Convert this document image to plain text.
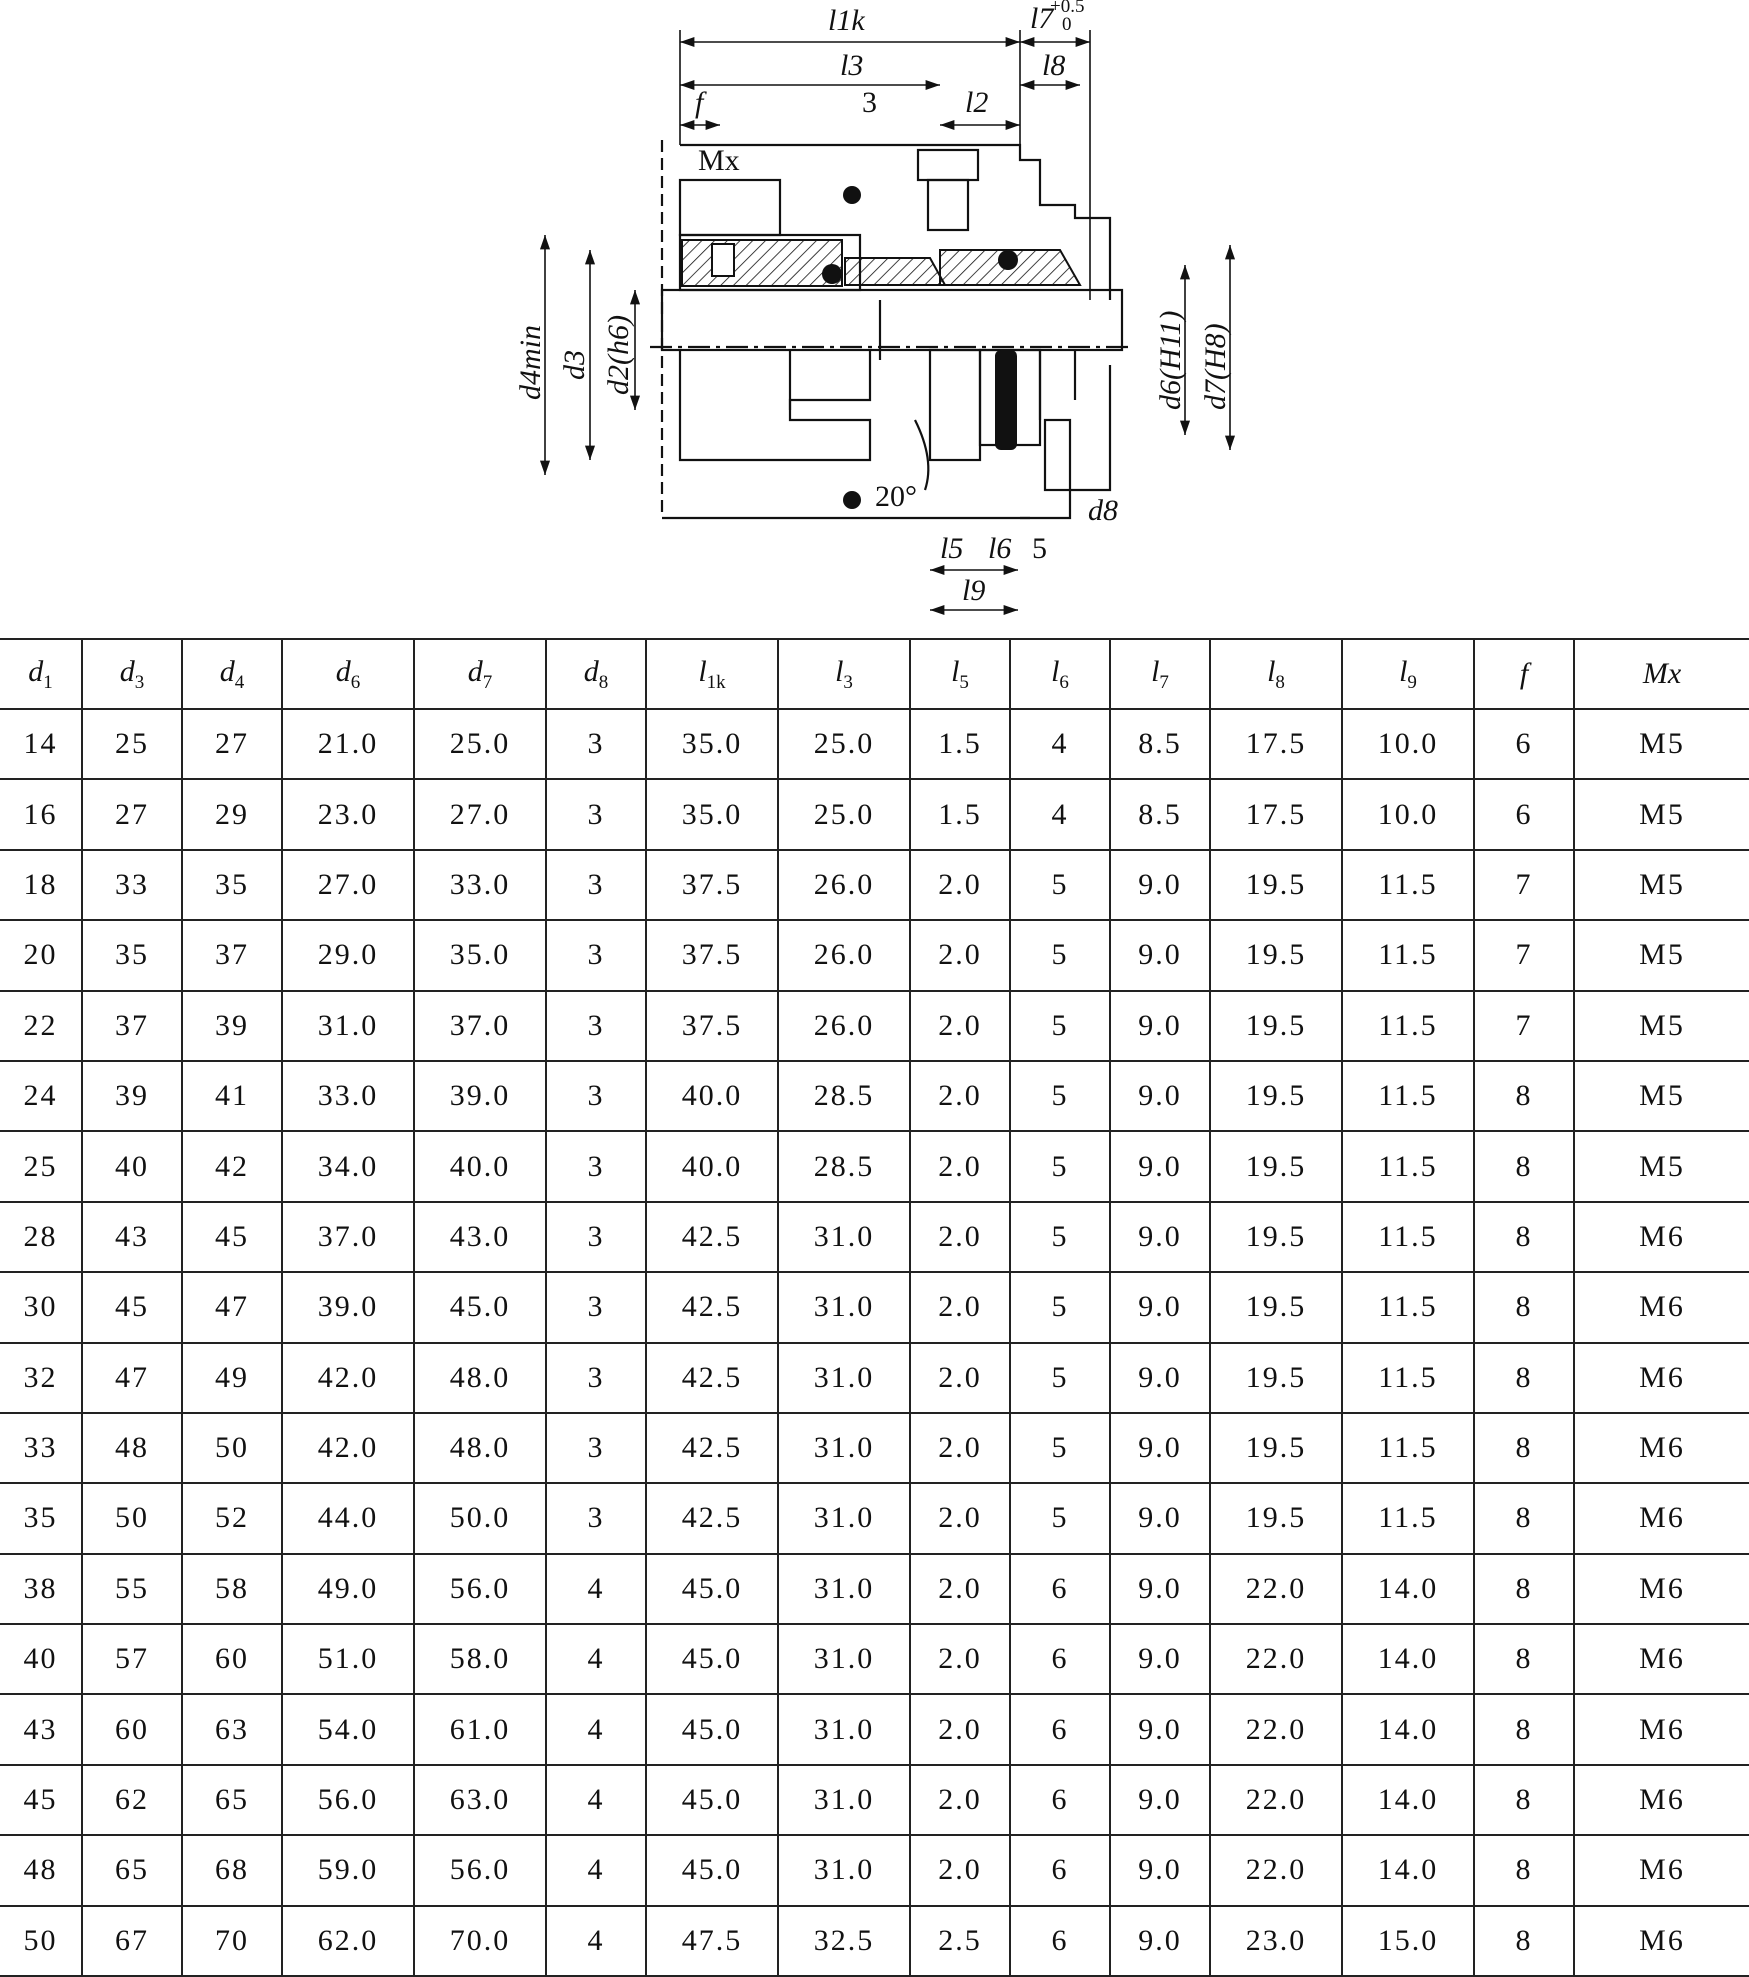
l1k	l7
+0.5
0
l3	l8
f	3	l2
Mx
d4min d3 d2(h6)	d6(H11) d7(H8)
20°	d8
l5 l6 5
l9
$d_1$	$d_3$	$d_4$	$d_6$	$d_7$	$d_8$	$l_{1k}$	$l_3$	$l_5$	$l_6$	$l_7$	$l_8$	$l_9$	f	Mx
14	25	27	21.0	25.0	3	35.0	25.0	1.5	4	8.5	17.5	10.0	6	M5
16	27	29	23.0	27.0	3	35.0	25.0	1.5	4	8.5	17.5	10.0	6	M5
18	33	35	27.0	33.0	3	37.5	26.0	2.0	5	9.0	19.5	11.5	7	M5
20	35	37	29.0	35.0	3	37.5	26.0	2.0	5	9.0	19.5	11.5	7	M5
22	37	39	31.0	37.0	3	37.5	26.0	2.0	5	9.0	19.5	11.5	7	M5
24	39	41	33.0	39.0	3	40.0	28.5	2.0	5	9.0	19.5	11.5	8	M5
25	40	42	34.0	40.0	3	40.0	28.5	2.0	5	9.0	19.5	11.5	8	M5
28	43	45	37.0	43.0	3	42.5	31.0	2.0	5	9.0	19.5	11.5	8	M6
30	45	47	39.0	45.0	3	42.5	31.0	2.0	5	9.0	19.5	11.5	8	M6
32	47	49	42.0	48.0	3	42.5	31.0	2.0	5	9.0	19.5	11.5	8	M6
33	48	50	42.0	48.0	3	42.5	31.0	2.0	5	9.0	19.5	11.5	8	M6
35	50	52	44.0	50.0	3	42.5	31.0	2.0	5	9.0	19.5	11.5	8	M6
38	55	58	49.0	56.0	4	45.0	31.0	2.0	6	9.0	22.0	14.0	8	M6
40	57	60	51.0	58.0	4	45.0	31.0	2.0	6	9.0	22.0	14.0	8	M6
43	60	63	54.0	61.0	4	45.0	31.0	2.0	6	9.0	22.0	14.0	8	M6
45	62	65	56.0	63.0	4	45.0	31.0	2.0	6	9.0	22.0	14.0	8	M6
48	65	68	59.0	56.0	4	45.0	31.0	2.0	6	9.0	22.0	14.0	8	M6
50	67	70	62.0	70.0	4	47.5	32.5	2.5	6	9.0	23.0	15.0	8	M6
